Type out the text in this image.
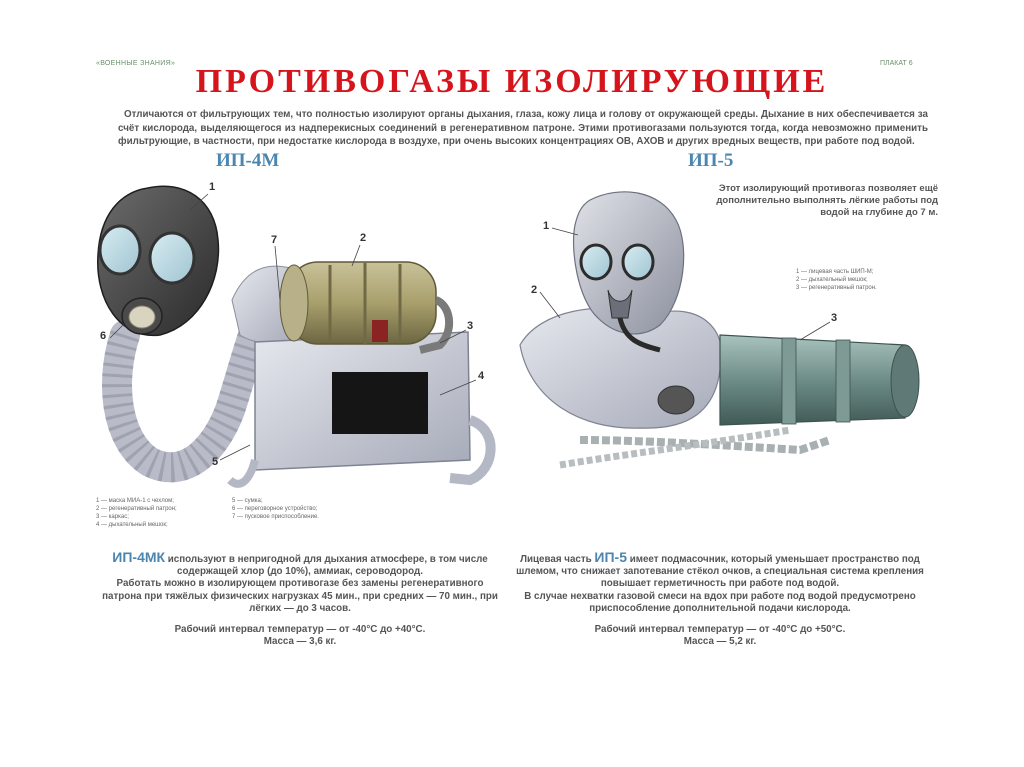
«ВОЕННЫЕ ЗНАНИЯ»	ПЛАКАТ 6
ПРОТИВОГАЗЫ ИЗОЛИРУЮЩИЕ
Отличаются от фильтрующих тем, что полностью изолируют органы дыхания, глаза, кожу лица и голову от окружающей среды. Дыхание в них обеспечивается за счёт кислорода, выделяющегося из надперекисных соединений в регенеративном патроне. Этими противогазами пользуются тогда, когда невозможно применить фильтрующие, в частности, при недостатке кислорода в воздухе, при очень высоких концентрациях ОВ, АХОВ и других вредных веществ, при работе под водой.
ИП-4М
1
2
3
4
5
6
7
1 — маска МИА-1 с чехлом;
2 — регенеративный патрон;
3 — каркас;
4 — дыхательный мешок;
5 — сумка;
6 — переговорное устройство;
7 — пусковое приспособление.

ИП-4МК используют в непригодной для дыхания атмосфере, в том числе содержащей хлор (до 10%), аммиак, сероводород.

Работать можно в изолирующем противогазе без замены регенеративного патрона при тяжёлых физических нагрузках 45 мин., при средних — 70 мин., при лёгких — до 3 часов.

Рабочий интервал температур — от -40°С до +40°С.

Масса — 3,6 кг.

ИП-5
Этот изолирующий противогаз позволяет ещё дополнительно выполнять лёгкие работы под водой на глубине до 7 м.
1
2
3
1 — лицевая часть ШИП-М;
2 — дыхательный мешок;
3 — регенеративный патрон.

Лицевая часть ИП-5 имеет подмасочник, который уменьшает пространство под шлемом, что снижает запотевание стёкол очков, а специальная система крепления повышает герметичность при работе под водой.

В случае нехватки газовой смеси на вдох при работе под водой предусмотрено приспособление дополнительной подачи кислорода.

Рабочий интервал температур — от -40°С до +50°С.

Масса — 5,2 кг.
